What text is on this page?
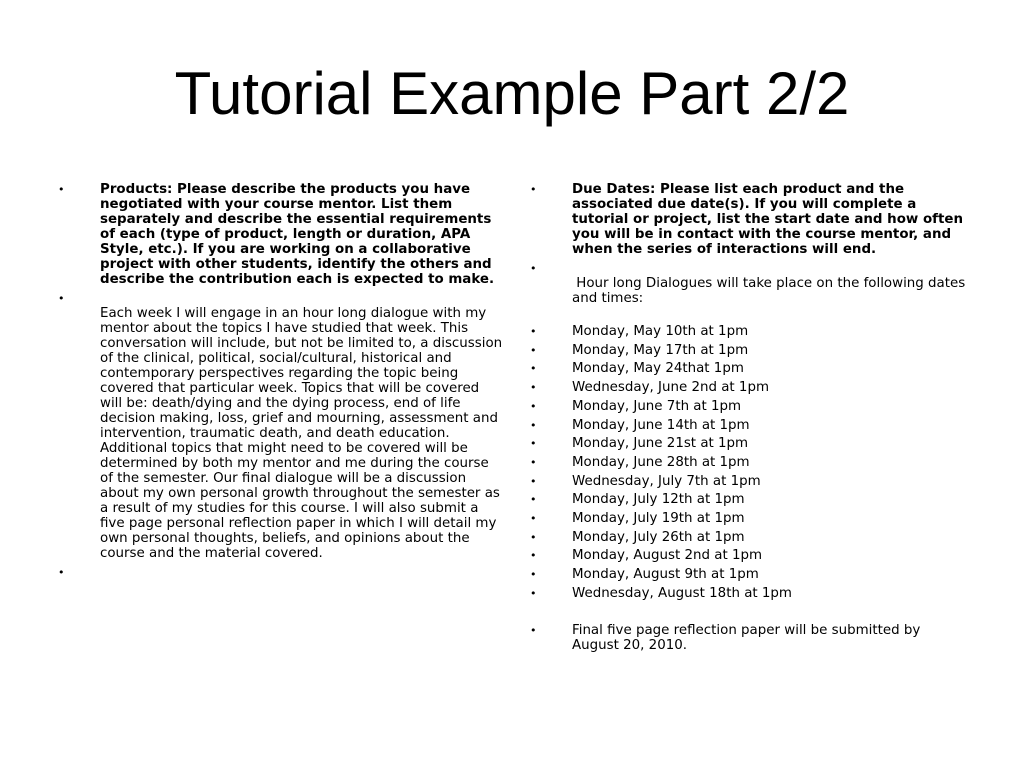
Tutorial Example Part 2/2
•	Products: Please describe the products you have negotiated with your course mentor. List them separately and describe the essential requirements of each (type of product, length or duration, APA Style, etc.). If you are working on a collaborative project with other students, identify the others and describe the contribution each is expected to make.

•

Each week I will engage in an hour long dialogue with my mentor about the topics I have studied that week. This conversation will include, but not be limited to, a discussion of the clinical, political, social/cultural, historical and contemporary perspectives regarding the topic being covered that particular week. Topics that will be covered will be: death/dying and the dying process, end of life decision making, loss, grief and mourning, assessment and intervention, traumatic death, and death education. Additional topics that might need to be covered will be determined by both my mentor and me during the course of the semester. Our final dialogue will be a discussion about my own personal growth throughout the semester as a result of my studies for this course. I will also submit a five page personal reflection paper in which I will detail my own personal thoughts, beliefs, and opinions about the course and the material covered.

•

•	Due Dates: Please list each product and the associated due date(s). If you will complete a tutorial or project, list the start date and how often you will be in contact with the course mentor, and when the series of interactions will end.

•

Hour long Dialogues will take place on the following dates and times:

•	Monday, May 10th at 1pm
•	Monday, May 17th at 1pm
•	Monday, May 24that 1pm
•	Wednesday, June 2nd at 1pm
•	Monday, June 7th at 1pm
•	Monday, June 14th at 1pm
•	Monday, June 21st at 1pm
•	Monday, June 28th at 1pm
•	Wednesday, July 7th at 1pm
•	Monday, July 12th at 1pm
•	Monday, July 19th at 1pm
•	Monday, July 26th at 1pm
•	Monday, August 2nd at 1pm
•	Monday, August 9th at 1pm
•	Wednesday, August 18th at 1pm
•	Final five page reflection paper will be submitted by August 20, 2010.
